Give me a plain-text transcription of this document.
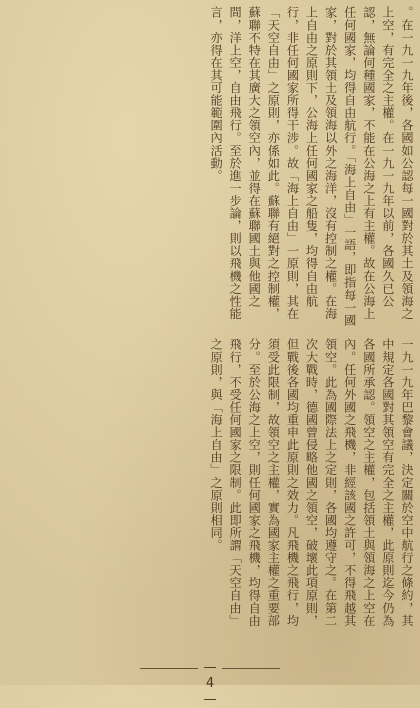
。在一九一九年後，各國如公認每一國對於其土及領海之上空，有完全之主權。在一九一九年以前，各國久已公認，無論何種國家，不能在公海之上有主權。故在公海上任何國家，均得自由航行。「海上自由」一語，即指每一國家，對於其領土及領海以外之海洋，沒有控制之權。在海上自由之原則下，公海上任何國家之船隻，均得自由航行，非任何國家所得干涉。故「海上自由」一原則，其在「天空自由」之原則，亦係如此。蘇聯有絕對之控制權，蘇聯不特在其廣大之領空內，並得在蘇聯國土與他國之間，洋上空，自由飛行。至於進一步論，則以飛機之性能言，亦得在其可能範圍內活動。
一九一九年巴黎會議，決定關於空中航行之條約，其中規定各國對其領空有完全之主權，此原則迄今仍為各國所承認。領空之主權，包括領土與領海之上空在內。任何外國之飛機，非經該國之許可，不得飛越其領空。此為國際法上之定則，各國均遵守之。在第二次大戰時，德國曾侵略他國之領空，破壞此項原則，但戰後各國均重申此原則之效力。凡飛機之飛行，均須受此限制，故領空之主權，實為國家主權之重要部分。至於公海之上空，則任何國家之飛機，均得自由飛行，不受任何國家之限制。此即所謂「天空自由」之原則，與「海上自由」之原則相同。
— 4 —
